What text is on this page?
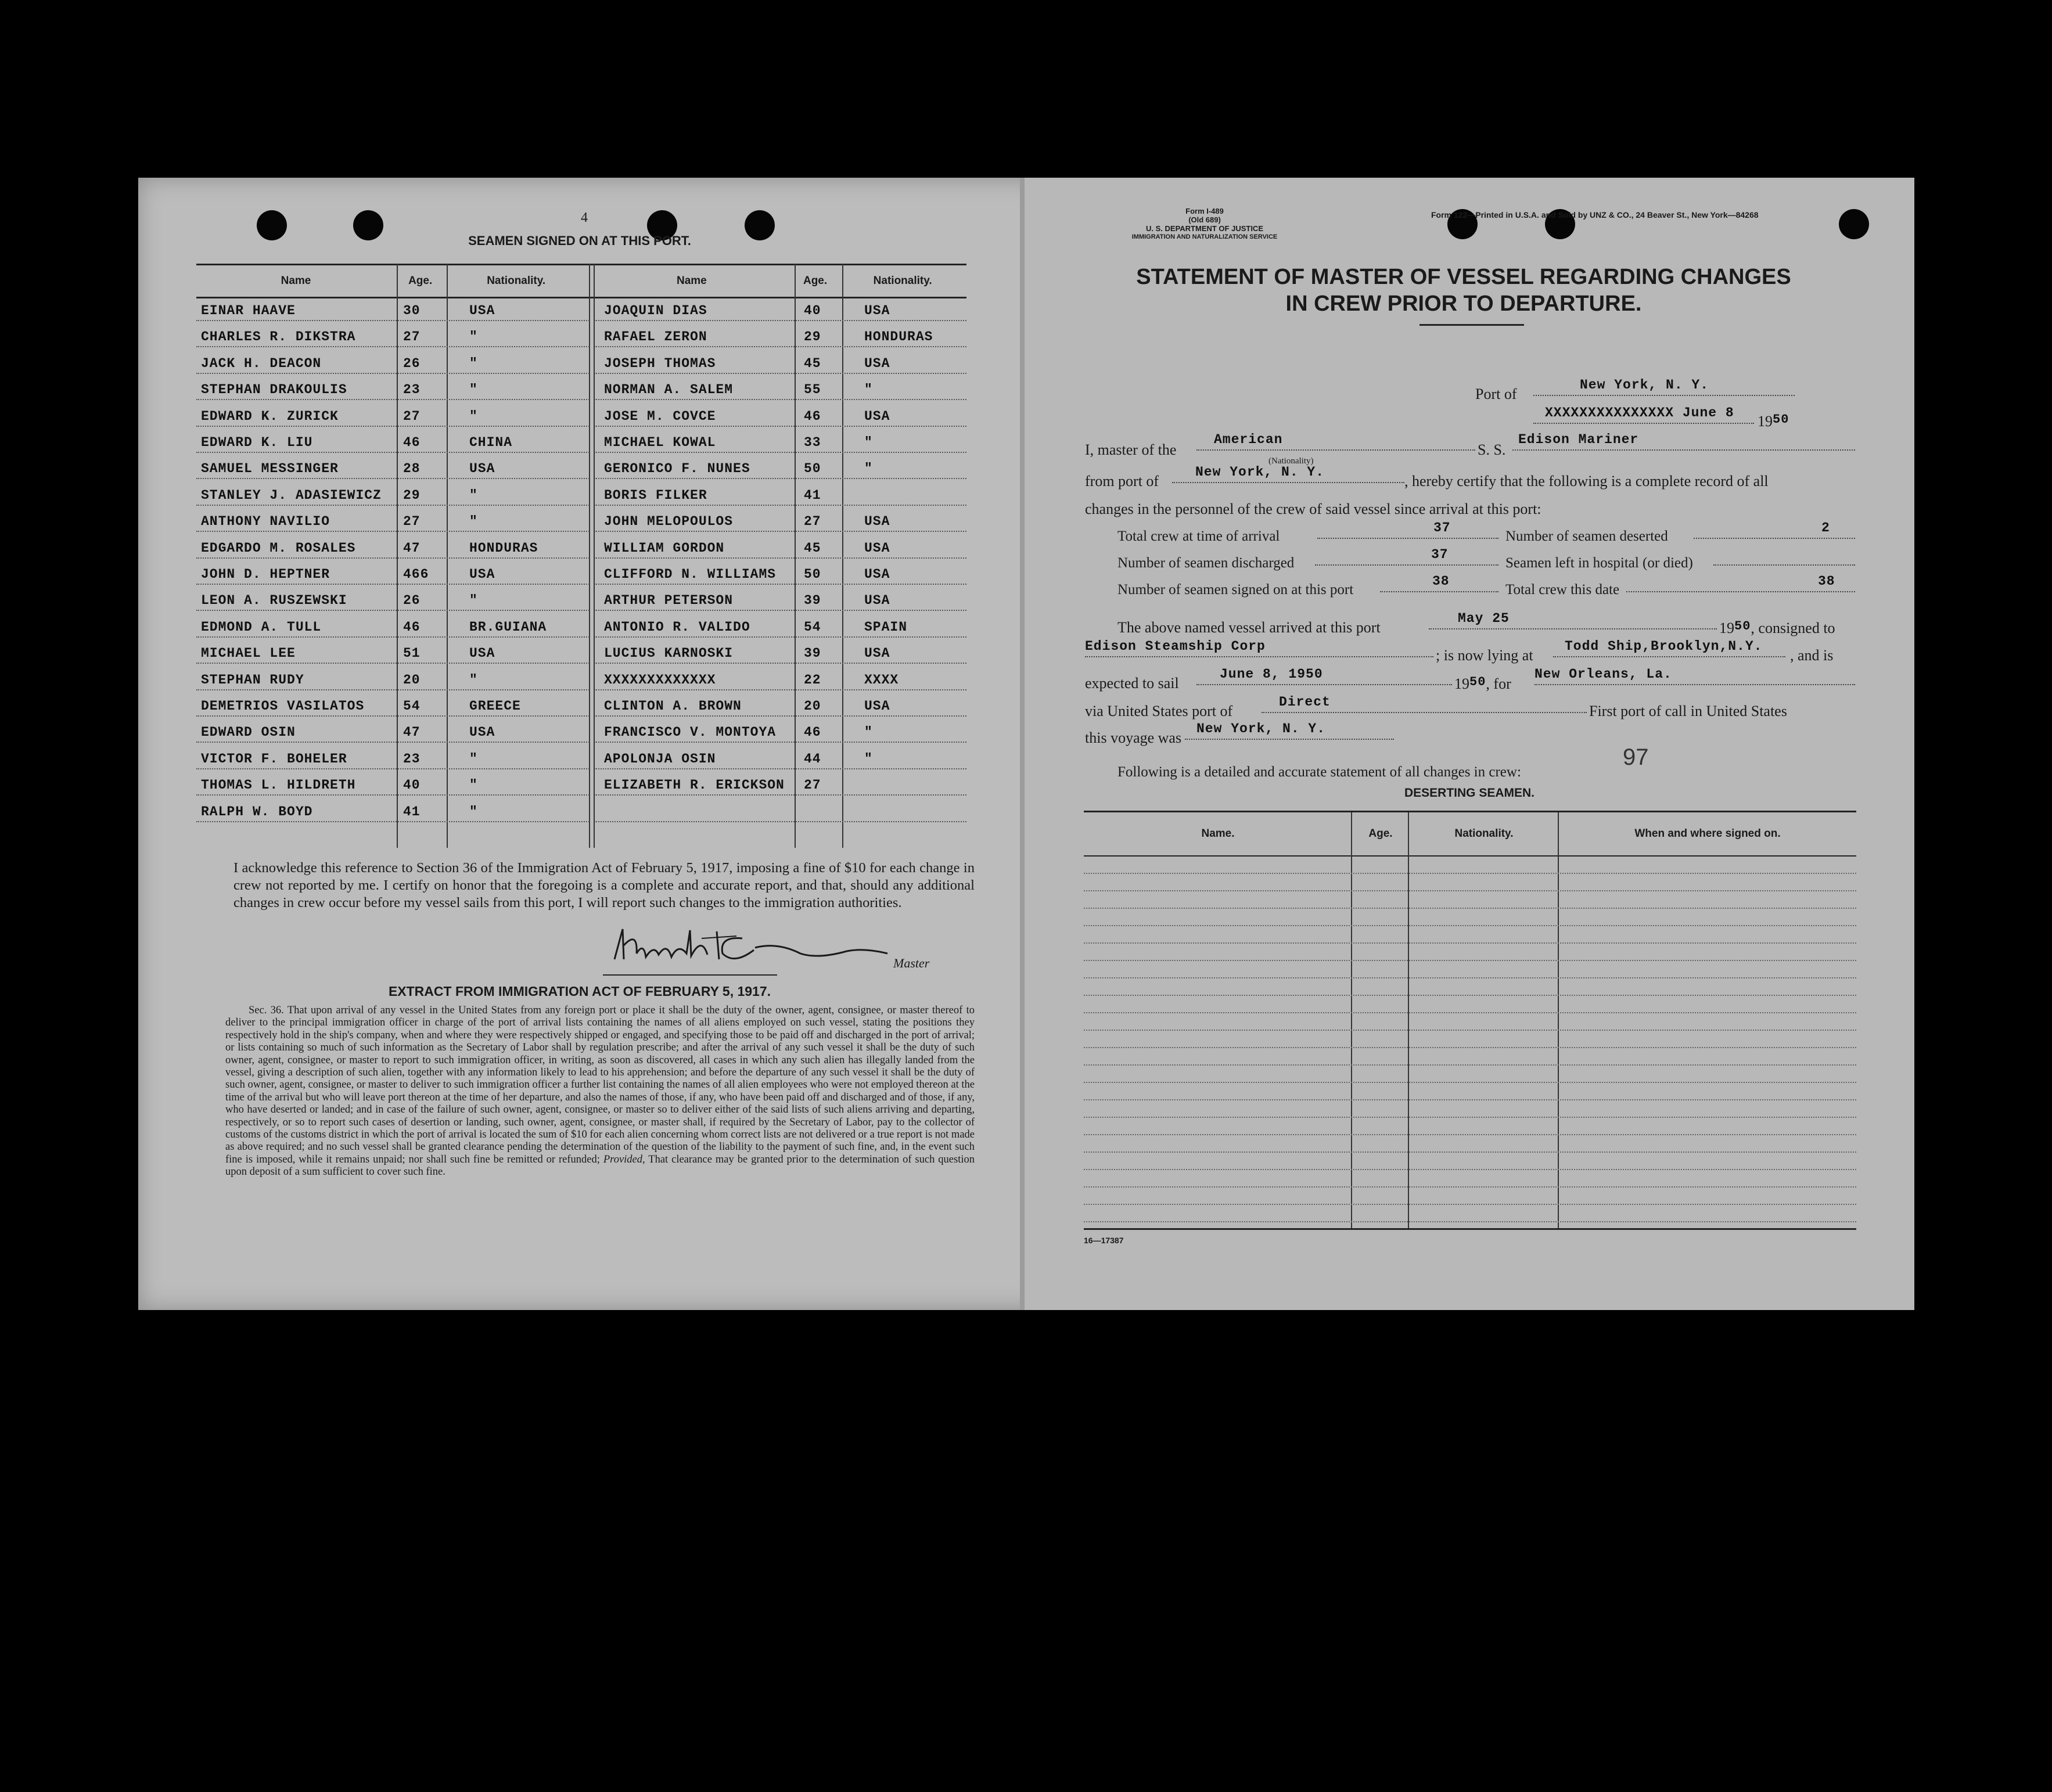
4
SEAMEN SIGNED ON AT THIS PORT.
Name	Age.	Nationality.	Name	Age.	Nationality.
EINAR HAAVE	30	USA	JOAQUIN DIAS	40	USA
CHARLES R. DIKSTRA	27	"	RAFAEL ZERON	29	HONDURAS
JACK H. DEACON	26	"	JOSEPH THOMAS	45	USA
STEPHAN DRAKOULIS	23	"	NORMAN A. SALEM	55	"
EDWARD K. ZURICK	27	"	JOSE M. COVCE	46	USA
EDWARD K. LIU	46	CHINA	MICHAEL KOWAL	33	"
SAMUEL MESSINGER	28	USA	GERONICO F. NUNES	50	"
STANLEY J. ADASIEWICZ 29	"	BORIS FILKER	41
ANTHONY NAVILIO	27	"	JOHN MELOPOULOS	27	USA
EDGARDO M. ROSALES	47	HONDURAS	WILLIAM GORDON	45	USA
JOHN D. HEPTNER	466	USA	CLIFFORD N. WILLIAMS 50	USA
LEON A. RUSZEWSKI	26	"	ARTHUR PETERSON	39	USA
EDMOND A. TULL	46	BR.GUIANA	ANTONIO R. VALIDO	54	SPAIN
MICHAEL LEE	51	USA	LUCIUS KARNOSKI	39	USA
STEPHAN RUDY	20	"	XXXXXXXXXXXXX	22	XXXX
DEMETRIOS VASILATOS	54	GREECE	CLINTON A. BROWN	20	USA
EDWARD OSIN	47	USA	FRANCISCO V. MONTOYA 46	"
VICTOR F. BOHELER	23	"	APOLONJA OSIN	44	"
THOMAS L. HILDRETH	40	"	ELIZABETH R. ERICKSON 27
RALPH W. BOYD	41	"
I acknowledge this reference to Section 36 of the Immigration Act of February 5, 1917, imposing a fine of $10 for each change in crew not reported by me. I certify on honor that the foregoing is a complete and accurate report, and that, should any additional changes in crew occur before my vessel sails from this port, I will report such changes to the immigration authorities.
Master
EXTRACT FROM IMMIGRATION ACT OF FEBRUARY 5, 1917.
Sec. 36. That upon arrival of any vessel in the United States from any foreign port or place it shall be the duty of the owner, agent, consignee, or master thereof to deliver to the principal immigration officer in charge of the port of arrival lists containing the names of all aliens employed on such vessel, stating the positions they respectively hold in the ship's company, when and where they were respectively shipped or engaged, and specifying those to be paid off and discharged in the port of arrival; or lists containing so much of such information as the Secretary of Labor shall by regulation prescribe; and after the arrival of any such vessel it shall be the duty of such owner, agent, consignee, or master to report to such immigration officer, in writing, as soon as discovered, all cases in which any such alien has illegally landed from the vessel, giving a description of such alien, together with any information likely to lead to his apprehension; and before the departure of any such vessel it shall be the duty of such owner, agent, consignee, or master to deliver to such immigration officer a further list containing the names of all alien employees who were not employed thereon at the time of the arrival but who will leave port thereon at the time of her departure, and also the names of those, if any, who have been paid off and discharged and of those, if any, who have deserted or landed; and in case of the failure of such owner, agent, consignee, or master so to deliver either of the said lists of such aliens arriving and departing, respectively, or so to report such cases of desertion or landing, such owner, agent, consignee, or master shall, if required by the Secretary of Labor, pay to the collector of customs of the customs district in which the port of arrival is located the sum of $10 for each alien concerning whom correct lists are not delivered or a true report is not made as above required; and no such vessel shall be granted clearance pending the determination of the question of the liability to the payment of such fine, and, in the event such fine is imposed, while it remains unpaid; nor shall such fine be remitted or refunded; Provided, That clearance may be granted prior to the determination of such question upon deposit of a sum sufficient to cover such fine.
Form I-489
(Old 689)
U. S. DEPARTMENT OF JUSTICE
IMMIGRATION AND NATURALIZATION SERVICE
Form 122—Printed in U.S.A. and Sold by UNZ & CO., 24 Beaver St., New York—84268
STATEMENT OF MASTER OF VESSEL REGARDING CHANGES
IN CREW PRIOR TO DEPARTURE.
Port of
New York, N. Y.
XXXXXXXXXXXXXXX June 8 $19^{50}$
I, master of the
American
(Nationality)
S. S.
Edison Mariner
from port of
New York, N. Y.
, hereby certify that the following is a complete record of all
changes in the personnel of the crew of said vessel since arrival at this port:
Total crew at time of arrival
37
Number of seamen deserted
2
Number of seamen discharged
37
Seamen left in hospital (or died)
Number of seamen signed on at this port
38
Total crew this date
38
The above named vessel arrived at this port
May 25
$19^{50}$, consigned to
Edison Steamship Corp
; is now lying at
Todd Ship,Brooklyn,N.Y.
, and is
expected to sail
June 8, 1950
$19^{50}$, for
New Orleans, La.
via United States port of
Direct
First port of call in United States
this voyage was
New York, N. Y.
Following is a detailed and accurate statement of all changes in crew:
97
DESERTING SEAMEN.
Name.	Age.	Nationality.	When and where signed on.
16—17387
